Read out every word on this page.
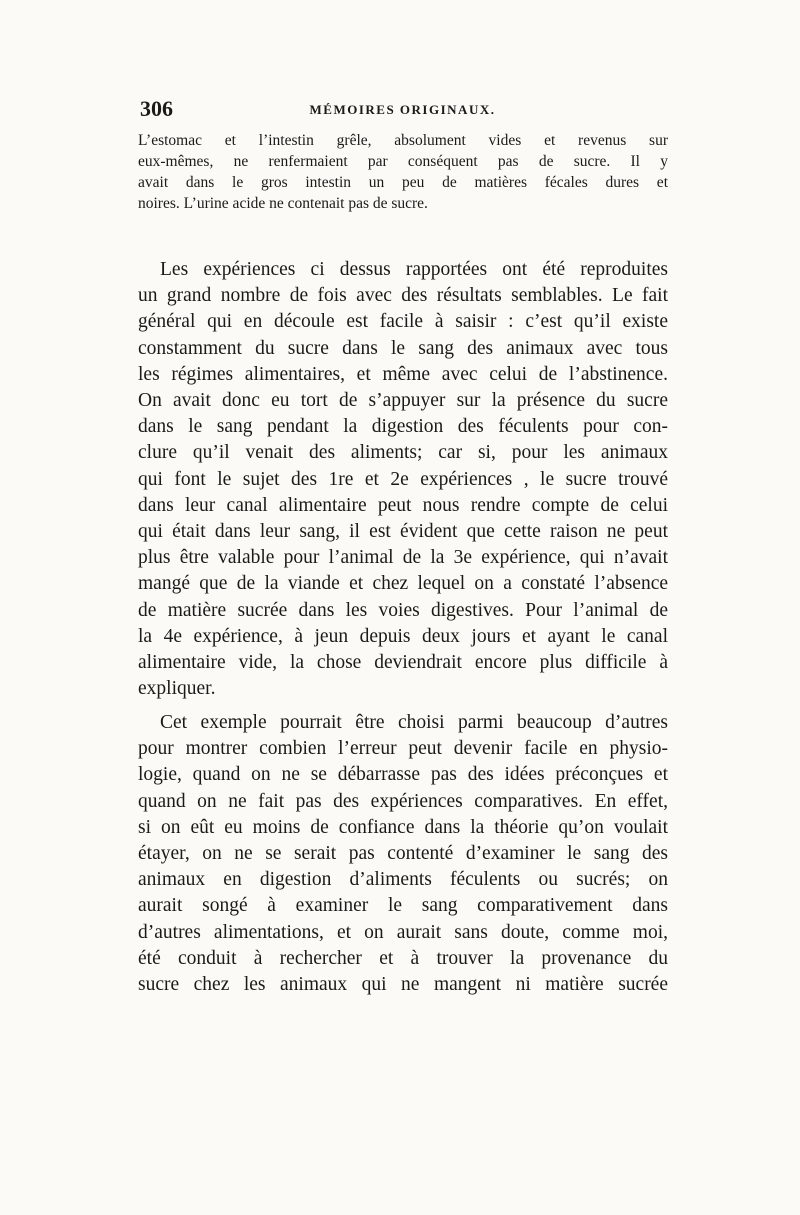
306	MÉMOIRES ORIGINAUX.
L’estomac et l’intestin grêle, absolument vides et revenus sur
eux-mêmes, ne renfermaient par conséquent pas de sucre. Il y
avait dans le gros intestin un peu de matières fécales dures et
noires. L’urine acide ne contenait pas de sucre.
Les expériences ci dessus rapportées ont été reproduites
un grand nombre de fois avec des résultats semblables. Le fait
général qui en découle est facile à saisir : c’est qu’il existe
constamment du sucre dans le sang des animaux avec tous
les régimes alimentaires, et même avec celui de l’abstinence.
On avait donc eu tort de s’appuyer sur la présence du sucre
dans le sang pendant la digestion des féculents pour con-
clure qu’il venait des aliments; car si, pour les animaux
qui font le sujet des 1re et 2e expériences , le sucre trouvé
dans leur canal alimentaire peut nous rendre compte de celui
qui était dans leur sang, il est évident que cette raison ne peut
plus être valable pour l’animal de la 3e expérience, qui n’avait
mangé que de la viande et chez lequel on a constaté l’absence
de matière sucrée dans les voies digestives. Pour l’animal de
la 4e expérience, à jeun depuis deux jours et ayant le canal
alimentaire vide, la chose deviendrait encore plus difficile à
expliquer.
Cet exemple pourrait être choisi parmi beaucoup d’autres
pour montrer combien l’erreur peut devenir facile en physio-
logie, quand on ne se débarrasse pas des idées préconçues et
quand on ne fait pas des expériences comparatives. En effet,
si on eût eu moins de confiance dans la théorie qu’on voulait
étayer, on ne se serait pas contenté d’examiner le sang des
animaux en digestion d’aliments féculents ou sucrés; on
aurait songé à examiner le sang comparativement dans
d’autres alimentations, et on aurait sans doute, comme moi,
été conduit à rechercher et à trouver la provenance du
sucre chez les animaux qui ne mangent ni matière sucrée
